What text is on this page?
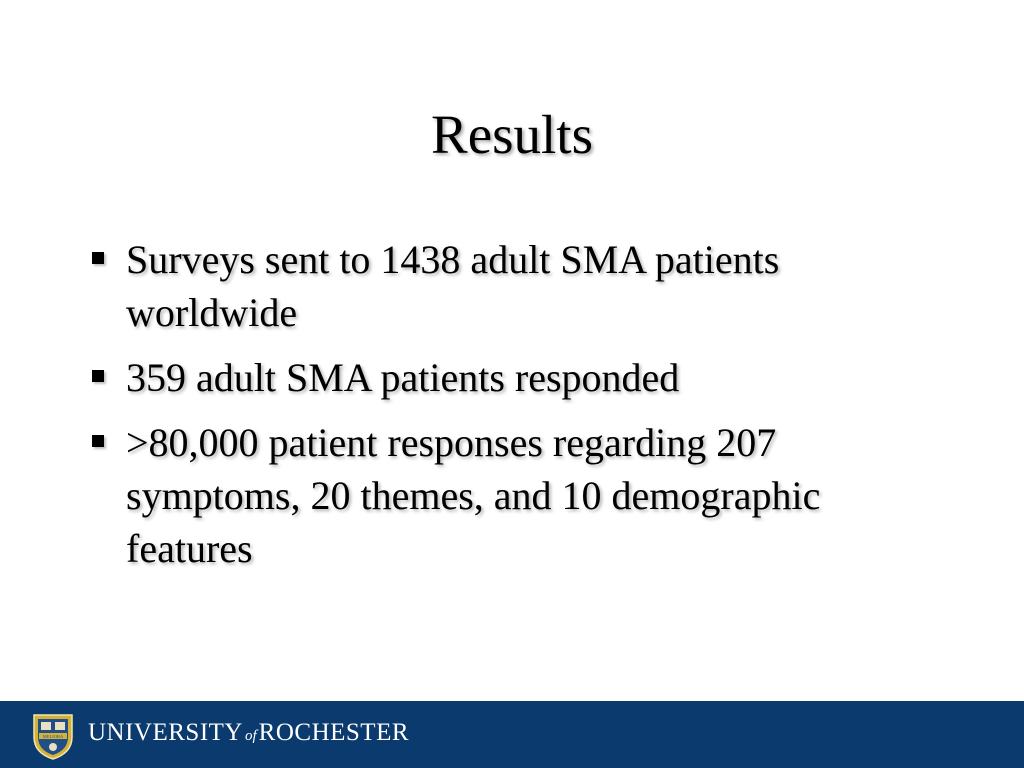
Results
Surveys sent to 1438 adult SMA patients worldwide
359 adult SMA patients responded
>80,000 patient responses regarding 207 symptoms, 20 themes, and 10 demographic features
MELIORA UNIVERSITY ofROCHESTER
